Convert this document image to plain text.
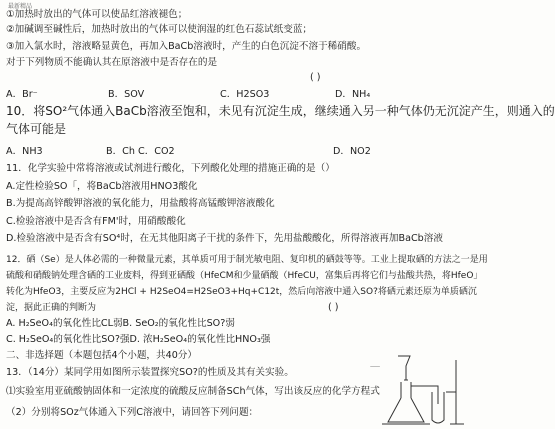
最新精品
①加热时放出的气体可以使品红溶液褪色；
②加碱调至碱性后，加热时放出的气体可以使润湿的红色石蕊试纸变蓝；
③加入氯水时，溶液略显黄色，再加入BaCb溶液时，产生的白色沉淀不溶于稀硝酸。
对于下列物质不能确认其在原溶液中是否存在的是
( )
A．Br⁻	B．SOV	C．H2SO3	D．NH₄
10．将SO²气体通入BaCb溶液至饱和，未见有沉淀生成，继续通入另一种气体仍无沉淀产生，则通入的
气体可能是
A．NH3	B．Ch C．CO2	D．NO2
11．化学实验中常将溶液或试剂进行酸化，下列酸化处理的措施正确的是（）
A.定性检验SO「，将BaCb溶液用HNO3酸化
B.为提高高锌酸钾溶液的氧化能力，用盐酸将高锰酸钾溶液酸化
C.检验溶液中是否含有FM'时，用硝酸酸化
D.检验溶液中是否含有SO⁴时，在无其他阳离子干扰的条件下，先用盐酸酸化，所得溶液再加BaCb溶液
12．硒（Se）是人体必需的一种微量元素，其单质可用于制光敏电阻、复印机的硒鼓等等。工业上提取硒的方法之一是用
硫酸和硝酸钠处理含硒的工业废料，得到亚硒酸（HfeCM和少量硒酸（HfeCU，富集后再将它们与盐酸共热，将HfeO」
转化为HfeO3，主要反应为2HCl + H2SeO4=H2SeO3+Hq+C12t，然后向溶液中通入SO?将硒元素还原为单质硒沉
淀，据此正确的判断为	( )
A. H₂SeO₄的氧化性比CL弱B. SeO₂的氧化性比SO?弱
C. H₂SeO₄的氧化性比SO?强D. 浓H₂SeO₄的氧化性比HNO₃强
二、非选择题（本题包括4个小题，共40分）
13．（14分）某同学用如图所示装置探究SO?的性质及其有关实验。
⑴实验室用亚硫酸钠固体和一定浓度的硫酸反应制备SCh气体，写出该反应的化学方程式
（2）分别将SOz气体通入下列C溶液中，请回答下列问题：
⸺
